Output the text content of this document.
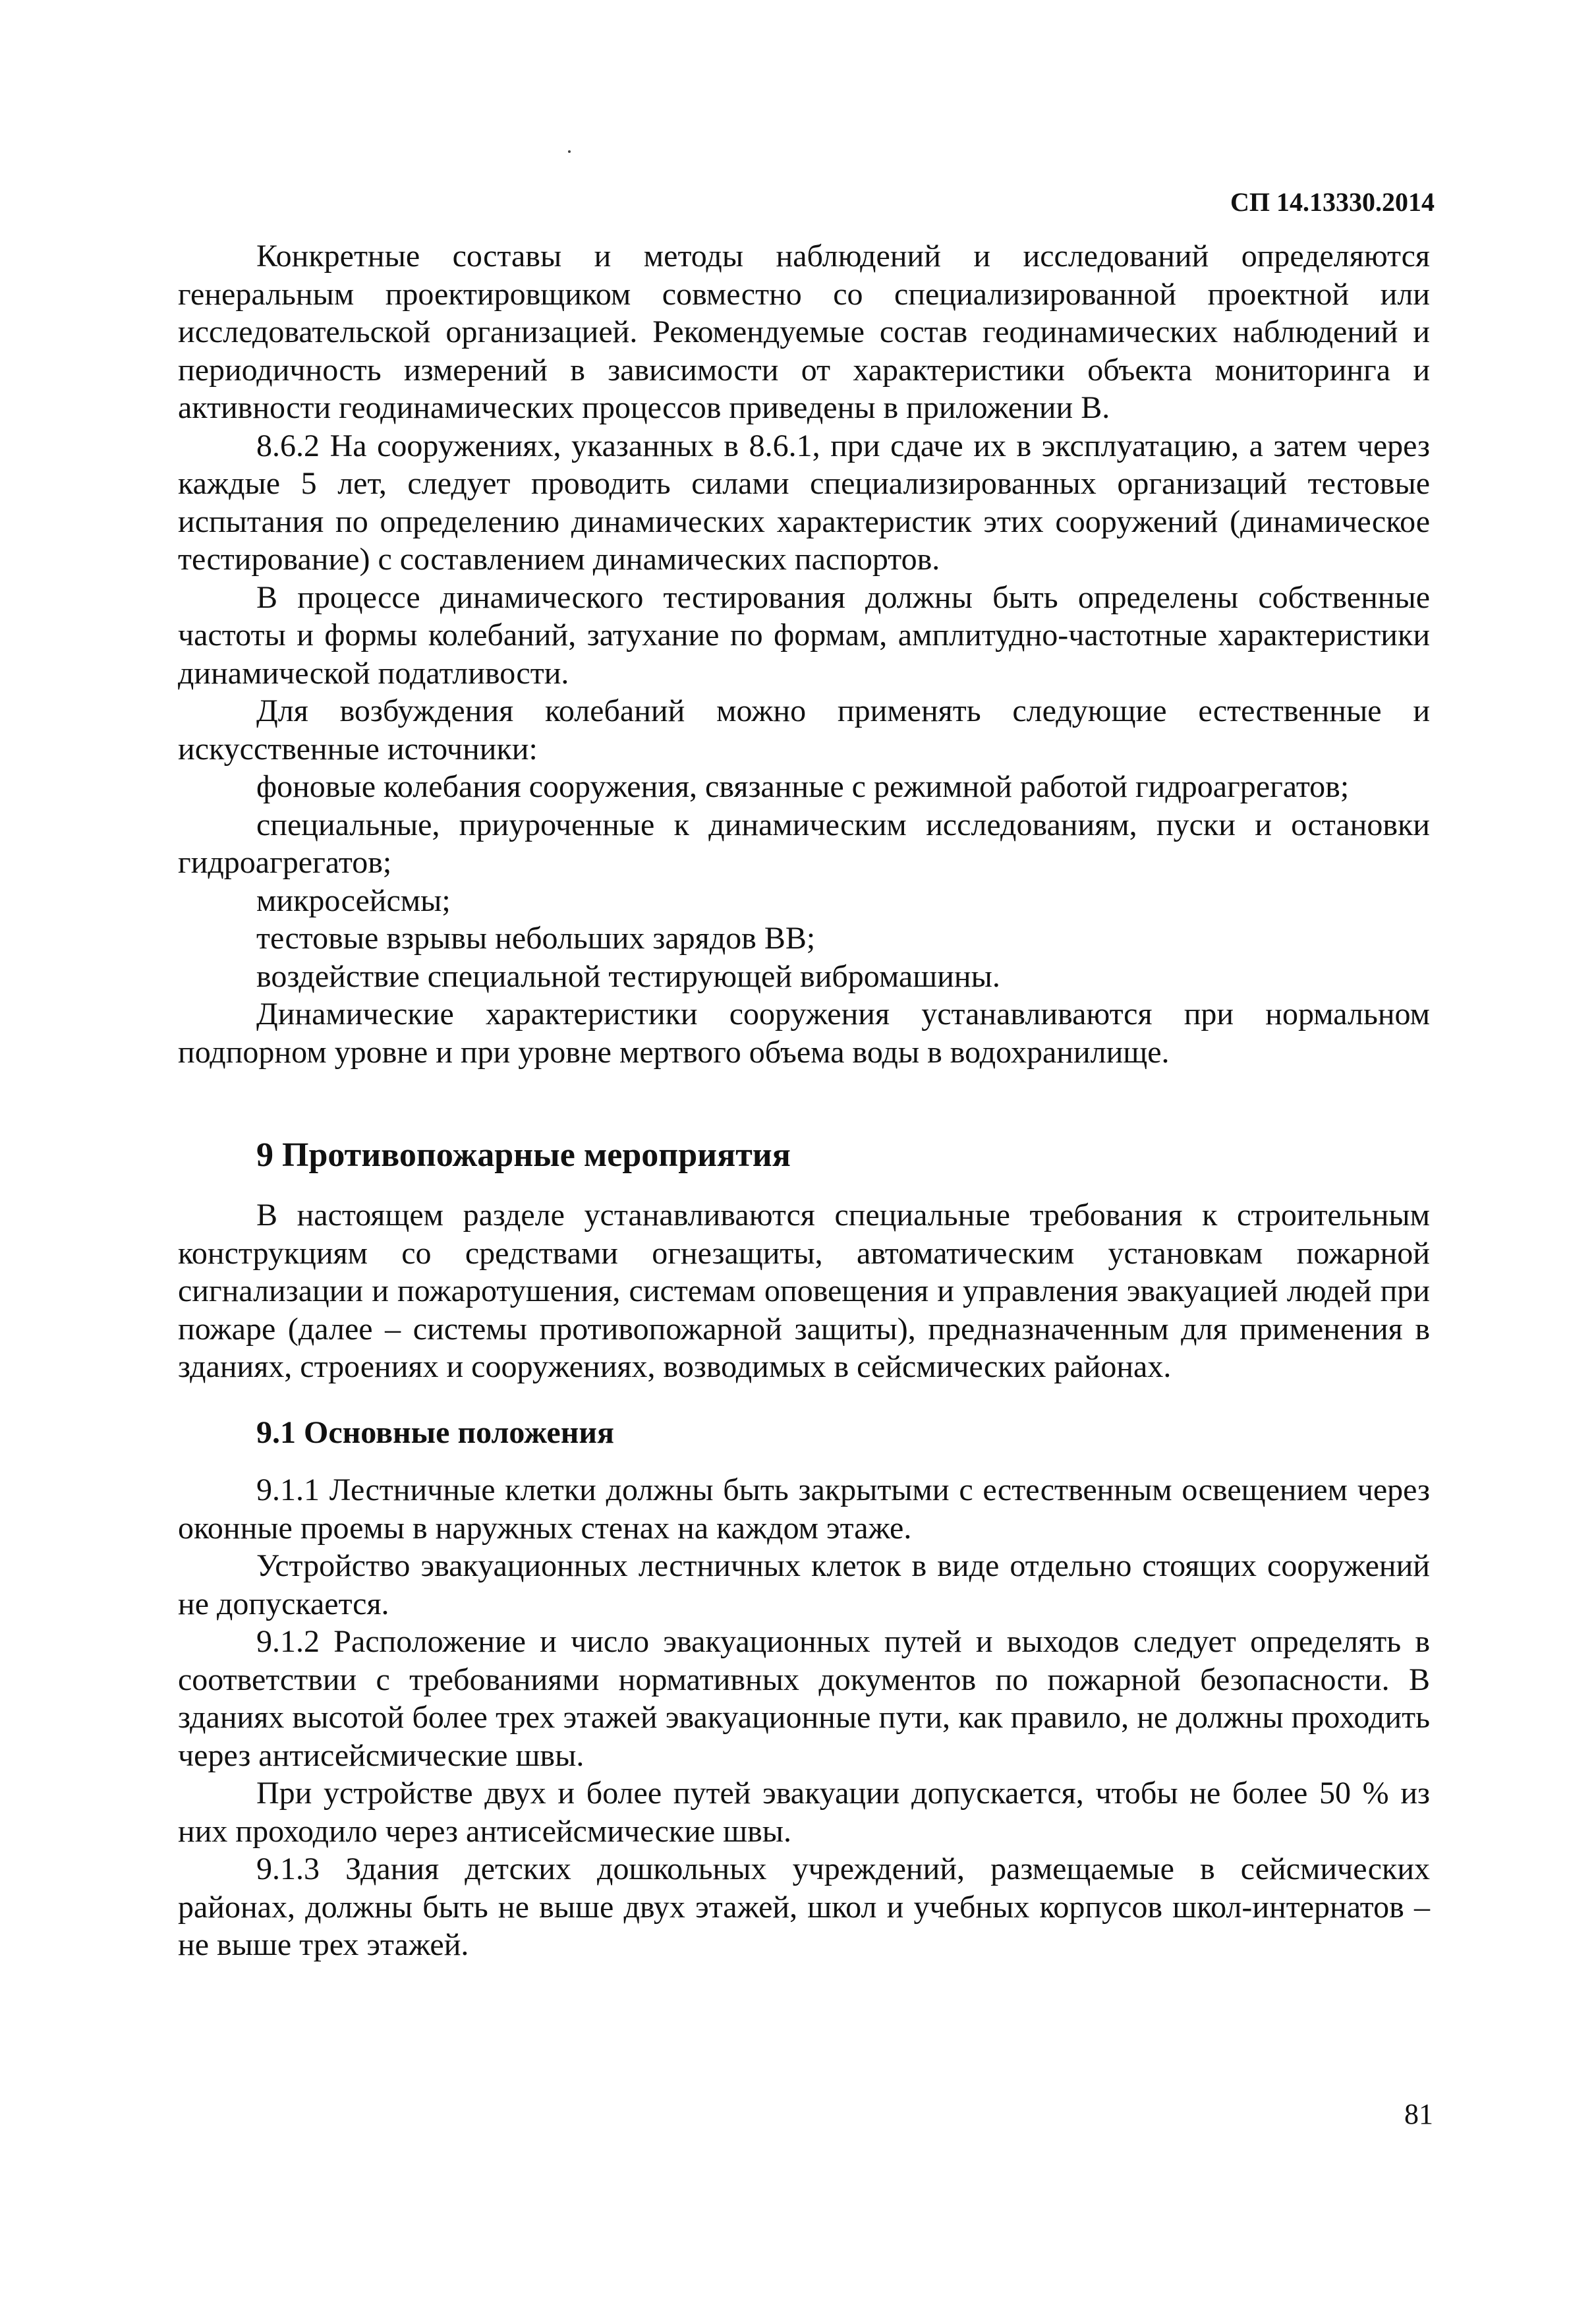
СП 14.13330.2014

Конкретные составы и методы наблюдений и исследований определяются генеральным проектировщиком совместно со специализированной проектной или исследовательской организацией. Рекомендуемые состав геодинамических наблюдений и периодичность измерений в зависимости от характеристики объекта мониторинга и активности геодинамических процессов приведены в приложении В.

8.6.2 На сооружениях, указанных в 8.6.1, при сдаче их в эксплуатацию, а затем через каждые 5 лет, следует проводить силами специализированных организаций тестовые испытания по определению динамических характеристик этих сооружений (динамическое тестирование) с составлением динамических паспортов.

В процессе динамического тестирования должны быть определены собственные частоты и формы колебаний, затухание по формам, амплитудно-частотные характеристики динамической податливости.

Для возбуждения колебаний можно применять следующие естественные и искусственные источники:

фоновые колебания сооружения, связанные с режимной работой гидроагрегатов;

специальные, приуроченные к динамическим исследованиям, пуски и остановки гидроагрегатов;

микросейсмы;

тестовые взрывы небольших зарядов ВВ;

воздействие специальной тестирующей вибромашины.

Динамические характеристики сооружения устанавливаются при нормальном подпорном уровне и при уровне мертвого объема воды в водохранилище.

9 Противопожарные мероприятия

В настоящем разделе устанавливаются специальные требования к строительным конструкциям со средствами огнезащиты, автоматическим установкам пожарной сигнализации и пожаротушения, системам оповещения и управления эвакуацией людей при пожаре (далее – системы противопожарной защиты), предназначенным для применения в зданиях, строениях и сооружениях, возводимых в сейсмических районах.

9.1 Основные положения

9.1.1 Лестничные клетки должны быть закрытыми с естественным освещением через оконные проемы в наружных стенах на каждом этаже.

Устройство эвакуационных лестничных клеток в виде отдельно стоящих сооружений не допускается.

9.1.2 Расположение и число эвакуационных путей и выходов следует определять в соответствии с требованиями нормативных документов по пожарной безопасности. В зданиях высотой более трех этажей эвакуационные пути, как правило, не должны проходить через антисейсмические швы.

При устройстве двух и более путей эвакуации допускается, чтобы не более 50 % из них проходило через антисейсмические швы.

9.1.3 Здания детских дошкольных учреждений, размещаемые в сейсмических районах, должны быть не выше двух этажей, школ и учебных корпусов школ-интернатов – не выше трех этажей.

81
